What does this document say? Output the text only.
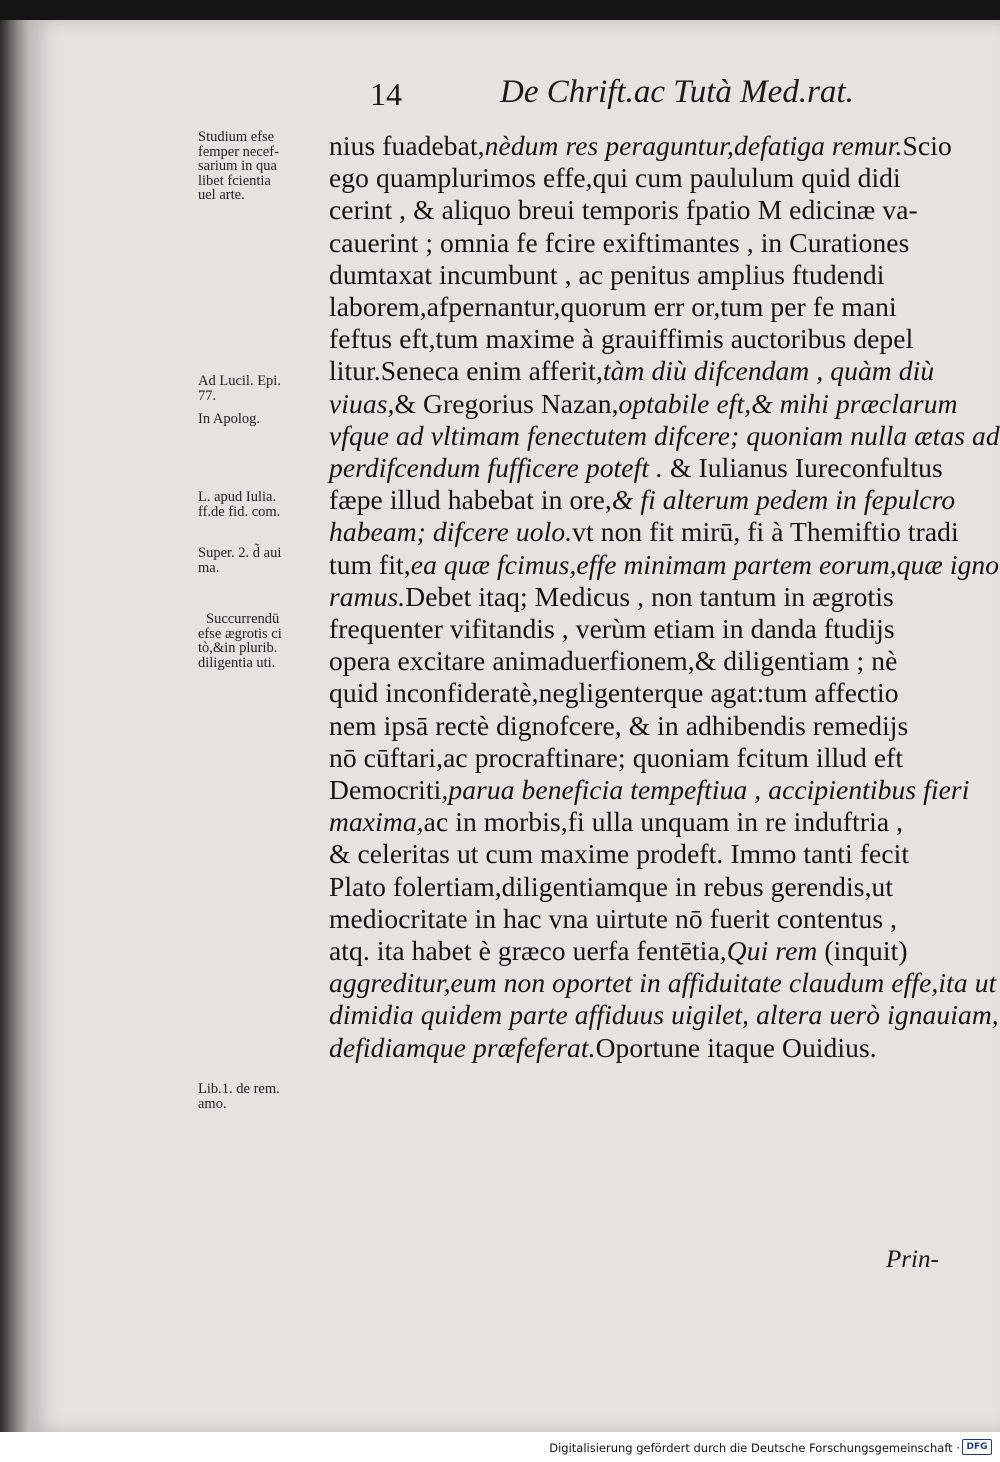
14	De Chrift.ac Tutà Med.rat.
Studium efse
femper necef-
sarium in qua
libet fcientia
uel arte.
Ad Lucil. Epi.
77.
In Apolog.
L. apud Iulia.
ff.de fid. com.
Super. 2. d̃ aui
ma.
Succurrendū
efse ægrotis ci
tò,&in plurib.
diligentia uti.
Lib.1. de rem.
amo.
nius fuadebat,nèdum res peraguntur,defatiga remur.Scio
ego quamplurimos effe,qui cum paululum quid didi
cerint , & aliquo breui temporis fpatio M edicinæ va-
cauerint ; omnia fe fcire exiftimantes , in Curationes
dumtaxat incumbunt , ac penitus amplius ftudendi
laborem,afpernantur,quorum err or,tum per fe mani
feftus eft,tum maxime à grauiffimis auctoribus depel
litur.Seneca enim afferit,tàm diù difcendam , quàm diù
viuas,& Gregorius Nazan,optabile eft,& mihi præclarum
vfque ad vltimam fenectutem difcere; quoniam nulla ætas ad
perdifcendum fufficere poteft . & Iulianus Iureconfultus
fæpe illud habebat in ore,& fi alterum pedem in fepulcro
habeam; difcere uolo.vt non fit mirū, fi à Themiftio tradi
tum fit,ea quæ fcimus,effe minimam partem eorum,quæ igno
ramus.Debet itaq; Medicus , non tantum in ægrotis
frequenter vifitandis , verùm etiam in danda ftudijs
opera excitare animaduerfionem,& diligentiam ; nè
quid inconfideratè,negligenterque agat:tum affectio
nem ipsā rectè dignofcere, & in adhibendis remedijs
nō cūftari,ac procraftinare; quoniam fcitum illud eft
Democriti,parua beneficia tempeftiua , accipientibus fieri
maxima,ac in morbis,fi ulla unquam in re induftria ,
& celeritas ut cum maxime prodeft. Immo tanti fecit
Plato folertiam,diligentiamque in rebus gerendis,ut
mediocritate in hac vna uirtute nō fuerit contentus ,
atq. ita habet è græco uerfa fentētia,Qui rem (inquit)
aggreditur,eum non oportet in affiduitate claudum effe,ita ut
dimidia quidem parte affiduus uigilet, altera uerò ignauiam,
defidiamque præfeferat.Oportune itaque Ouidius.
Prin-
Digitalisierung gefördert durch die Deutsche Forschungsgemeinschaft · DFG
